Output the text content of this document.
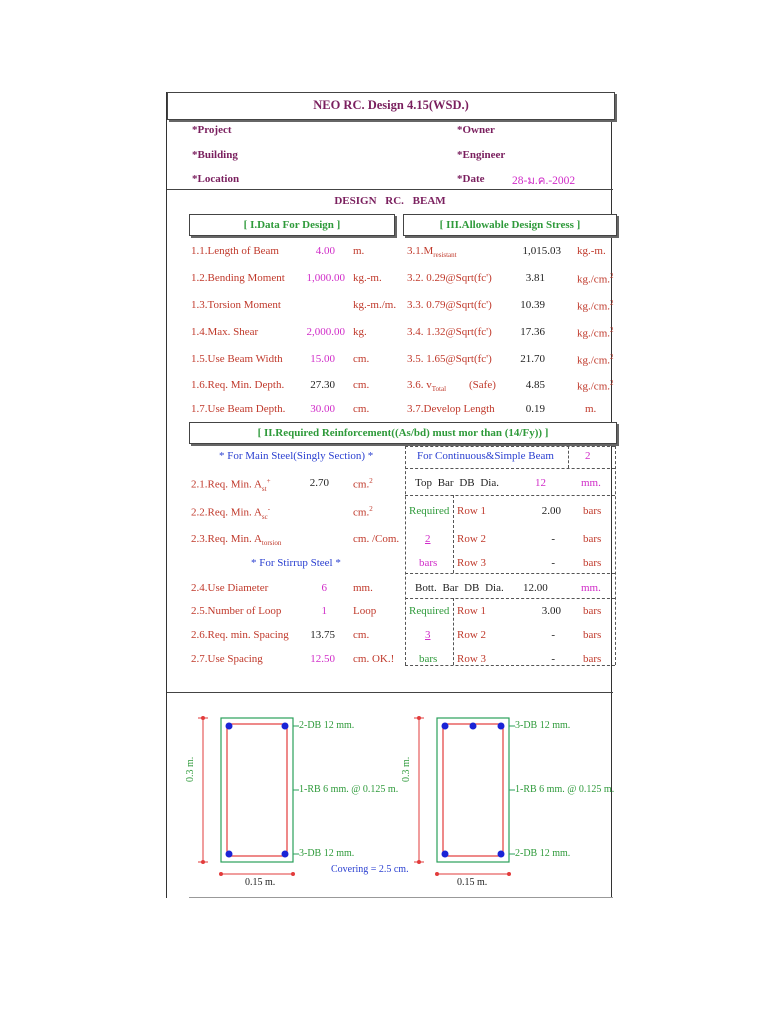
NEO RC. Design 4.15(WSD.)
*Project	*Owner
*Building	*Engineer
*Location	*Date 28-ม.ค.-2002
DESIGN RC. BEAM
[ I.Data For Design ]	[ III.Allowable Design Stress ]
1.1.Length of Beam	4.00 m.
1.2.Bending Moment	1,000.00 kg.-m.
1.3.Torsion Moment	kg.-m./m.
1.4.Max. Shear	2,000.00 kg.
1.5.Use Beam Width	15.00 cm.
1.6.Req. Min. Depth.	27.30 cm.
1.7.Use Beam Depth.	30.00 cm.
$3.1.M_{resistant}$	1,015.03 kg.-m.
3.2. 0.29@Sqrt(fc')	3.81	kg./cm.$^2$
3.3. 0.79@Sqrt(fc')	10.39	kg./cm.$^2$
3.4. 1.32@Sqrt(fc')	17.36	kg./cm.$^2$
3.5. 1.65@Sqrt(fc')	21.70	kg./cm.$^2$
3.6. $v_{Total}$ (Safe)	4.85	kg./cm.$^2$
3.7.Develop Length	0.19	m.
[ II.Required Reinforcement((As/bd) must mor than (14/Fy)) ]
* For Main Steel(Singly Section) *	For Continuous&Simple Beam	2
2.1.Req. Min. $A_{st}^+$	2.70 cm.$^2$
2.2.Req. Min. $A_{sc}^-$	cm.$^2$
2.3.Req. Min. $A_{torsion}$	cm. /Com.
* For Stirrup Steel *
2.4.Use Diameter	6 mm.
2.5.Number of Loop	1 Loop
2.6.Req. min. Spacing	13.75 cm.
2.7.Use Spacing	12.50 cm. OK.!
Top Bar DB Dia.	12	mm.
Required
2
bars
Row 1	2.00 bars
Row 2	-	bars
Row 3	-	bars
Bott. Bar DB Dia. 12.00	mm.
Required
3
bars
Row 1	3.00 bars
Row 2	-	bars
Row 3	-	bars
0.3 m.
2-DB 12 mm.
1-RB 6 mm. @ 0.125 m.
3-DB 12 mm.
Covering = 2.5 cm.
0.15 m.
0.3 m.
3-DB 12 mm.
1-RB 6 mm. @ 0.125 m.
2-DB 12 mm.
0.15 m.
